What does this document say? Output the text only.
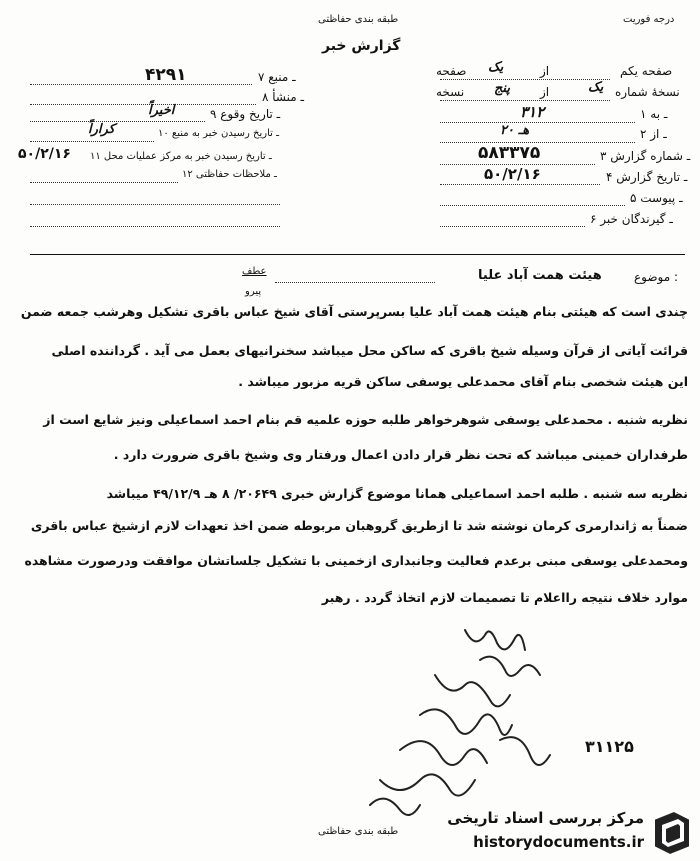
طبقه بندی حفاظتی
گزارش خبر
درجه فوریت
صفحه یکم
از
یک
صفحه
نسخهٔ شماره
یک
از
پنج
نسخه
۱ ـ به
۳۱۲
۲ ـ از
۲۰ هـ
۳ ـ شماره گزارش
۵۸۳۳۷۵
۴ ـ تاریخ گزارش
۵۰/۲/۱۶
۵ ـ پیوست
۶ ـ گیرندگان خبر
۷ ـ منبع
۴۲۹۱
۸ ـ منشأ
۹ ـ تاریخ وقوع
اخیراً
۱۰ ـ تاریخ رسیدن خبر به منبع
کراراً
۱۱ ـ تاریخ رسیدن خبر به مرکز عملیات محل
۵۰/۲/۱۶
۱۲ ـ ملاحظات حفاظتی
موضوع :
هیئت همت آباد علیا
عطف
پیرو
چندی است که هیئتی بنام هیئت همت آباد علیا بسرپرستی آقای شیخ عباس باقری تشکیل وهرشب جمعه ضمن
قرائت آیاتی از قرآن وسیله شیخ باقری که ساکن محل میباشد سخنرانیهای بعمل می آید . گرداننده اصلی
این هیئت شخصی بنام آقای محمدعلی یوسفی ساکن قریه مزبور میباشد .
نظریه شنبه . محمدعلی یوسفی شوهرخواهر طلبه حوزه علمیه قم بنام احمد اسماعیلی ونیز شایع است از
طرفداران خمینی میباشد که تحت نظر قرار دادن اعمال ورفتار وی وشیخ باقری ضرورت دارد .
نظریه سه شنبه . طلبه احمد اسماعیلی همانا موضوع گزارش خبری ۲۰۶۴۹/ ۸ هـ ۴۹/۱۲/۹ میباشد
ضمناً به ژاندارمری کرمان نوشته شد تا ازطریق گروهبان مربوطه ضمن اخذ تعهدات لازم ازشیخ عباس باقری
ومحمدعلی یوسفی مبنی برعدم فعالیت وجانبداری ازخمینی با تشکیل جلساتشان موافقت ودرصورت مشاهده
موارد خلاف نتیجه رااعلام تا تصمیمات لازم اتخاذ گردد . رهبر
۳۱۱۲۵
طبقه بندی حفاظتی
مرکز بررسی اسناد تاریخی
historydocuments.ir
